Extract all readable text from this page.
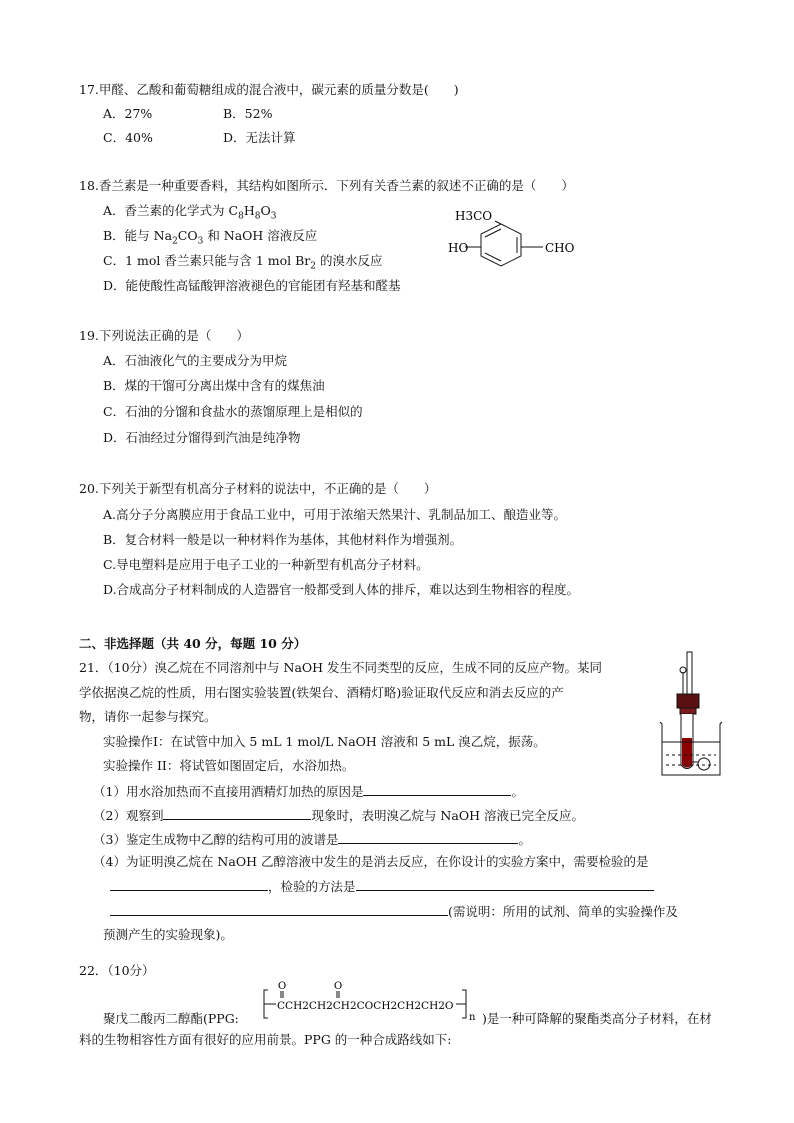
17.甲醛、乙酸和葡萄糖组成的混合液中，碳元素的质量分数是(　　)
A．27%	B．52%
C．40%	D．无法计算
18.香兰素是一种重要香料，其结构如图所示．下列有关香兰素的叙述不正确的是（　　）
A．香兰素的化学式为 $C_8H_8O_3$
B．能与 $Na_2CO_3$ 和 NaOH 溶液反应
C．1 mol 香兰素只能与含 1 mol $Br_2$ 的溴水反应
D．能使酸性高锰酸钾溶液褪色的官能团有羟基和醛基
H3CO
HO	CHO
19.下列说法正确的是（　　）
A．石油液化气的主要成分为甲烷
B．煤的干馏可分离出煤中含有的煤焦油
C．石油的分馏和食盐水的蒸馏原理上是相似的
D．石油经过分馏得到汽油是纯净物
20.下列关于新型有机高分子材料的说法中，不正确的是（　　）
A.高分子分离膜应用于食品工业中，可用于浓缩天然果汁、乳制品加工、酿造业等。
B．复合材料一般是以一种材料作为基体，其他材料作为增强剂。
C.导电塑料是应用于电子工业的一种新型有机高分子材料。
D.合成高分子材料制成的人造器官一般都受到人体的排斥，难以达到生物相容的程度。
二、非选择题（共 40 分，每题 10 分）
21．（10分）溴乙烷在不同溶剂中与 NaOH 发生不同类型的反应，生成不同的反应产物。某同
学依据溴乙烷的性质，用右图实验装置(铁架台、酒精灯略)验证取代反应和消去反应的产
物，请你一起参与探究。
实验操作Ⅰ：在试管中加入 5 mL 1 mol/L NaOH 溶液和 5 mL 溴乙烷，振荡。
实验操作 II：将试管如图固定后，水浴加热。
（1）用水浴加热而不直接用酒精灯加热的原因是	。
（2）观察到	现象时，表明溴乙烷与 NaOH 溶液已完全反应。
（3）鉴定生成物中乙醇的结构可用的波谱是	。
（4）为证明溴乙烷在 NaOH 乙醇溶液中发生的是消去反应，在你设计的实验方案中，需要检验的是
，检验的方法是
(需说明：所用的试剂、简单的实验操作及
预测产生的实验现象)。
22．（10分）
聚戊二酸丙二醇酯(PPG:
O	O
CCH2CH2CH2COCH2CH2CH2O
n )是一种可降解的聚酯类高分子材料，在材
料的生物相容性方面有很好的应用前景。PPG 的一种合成路线如下:
